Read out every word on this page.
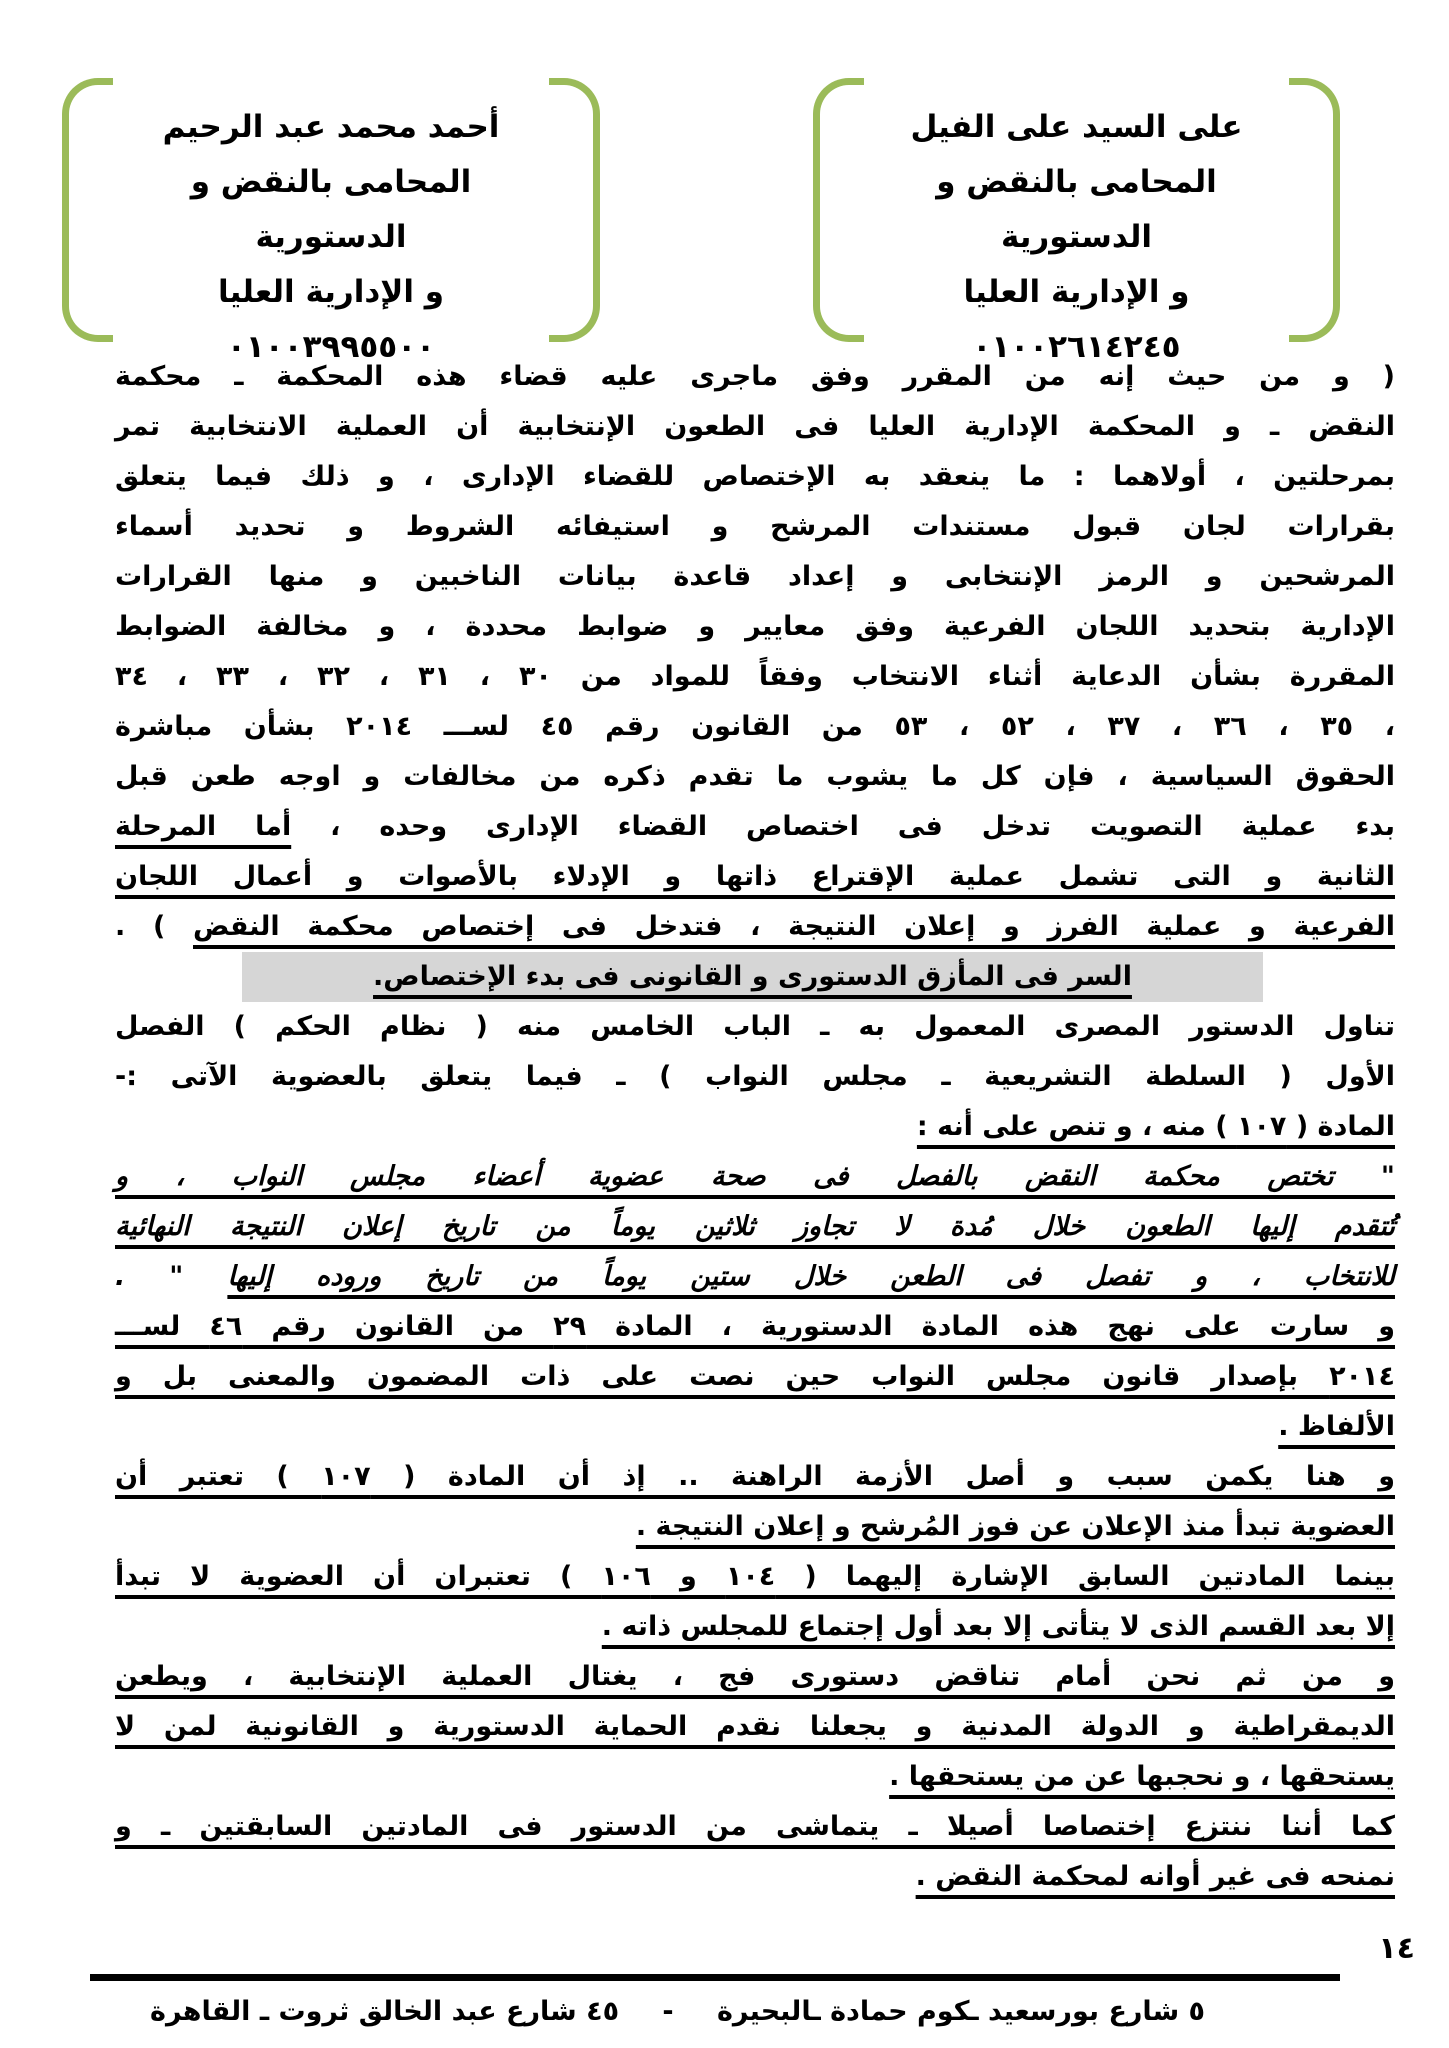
على السيد على الفيل
المحامى بالنقض و الدستورية
و الإدارية العليا
٠١٠٠٢٦١٤٢٤٥
أحمد محمد عبد الرحيم
المحامى بالنقض و الدستورية
و الإدارية العليا
٠١٠٠٣٩٩٥٥٠٠
( و من حيث إنه من المقرر وفق ماجرى عليه قضاء هذه المحكمة ـ محكمة
النقض ـ و المحكمة الإدارية العليا فى الطعون الإنتخابية أن العملية الانتخابية تمر
بمرحلتين ، أولاهما : ما ينعقد به الإختصاص للقضاء الإدارى ، و ذلك فيما يتعلق
بقرارات لجان قبول مستندات المرشح و استيفائه الشروط و تحديد أسماء
المرشحين و الرمز الإنتخابى و إعداد قاعدة بيانات الناخبين و منها القرارات
الإدارية بتحديد اللجان الفرعية وفق معايير و ضوابط محددة ، و مخالفة الضوابط
المقررة بشأن الدعاية أثناء الانتخاب وفقاً للمواد من ٣٠ ، ٣١ ، ٣٢ ، ٣٣ ، ٣٤
، ٣٥ ، ٣٦ ، ٣٧ ، ٥٢ ، ٥٣ من القانون رقم ٤٥ لســـ ٢٠١٤ بشأن مباشرة
الحقوق السياسية ، فإن كل ما يشوب ما تقدم ذكره من مخالفات و اوجه طعن قبل
بدء عملية التصويت تدخل فى اختصاص القضاء الإدارى وحده ، أما المرحلة
الثانية و التى تشمل عملية الإقتراع ذاتها و الإدلاء بالأصوات و أعمال اللجان
الفرعية و عملية الفرز و إعلان النتيجة ، فتدخل فى إختصاص محكمة النقض ) .
السر فى المأزق الدستورى و القانونى فى بدء الإختصاص.
تناول الدستور المصرى المعمول به ـ الباب الخامس منه ( نظام الحكم ) الفصل
الأول ( السلطة التشريعية ـ مجلس النواب ) ـ فيما يتعلق بالعضوية الآتى :-
المادة ( ١٠٧ ) منه ، و تنص على أنه :
" تختص محكمة النقض بالفصل فى صحة عضوية أعضاء مجلس النواب ، و
تُتقدم إليها الطعون خلال مُدة لا تجاوز ثلاثين يوماً من تاريخ إعلان النتيجة النهائية
للانتخاب ، و تفصل فى الطعن خلال ستين يوماً من تاريخ وروده إليها " .
و سارت على نهج هذه المادة الدستورية ، المادة ٢٩ من القانون رقم ٤٦ لســـ
٢٠١٤ بإصدار قانون مجلس النواب حين نصت على ذات المضمون والمعنى بل و
الألفاظ .
و هنا يكمن سبب و أصل الأزمة الراهنة .. إذ أن المادة ( ١٠٧ ) تعتبر أن
العضوية تبدأ منذ الإعلان عن فوز المُرشح و إعلان النتيجة .
بينما المادتين السابق الإشارة إليهما ( ١٠٤ و ١٠٦ ) تعتبران أن العضوية لا تبدأ
إلا بعد القسم الذى لا يتأتى إلا بعد أول إجتماع للمجلس ذاته .
و من ثم نحن أمام تناقض دستورى فج ، يغتال العملية الإنتخابية ، ويطعن
الديمقراطية و الدولة المدنية و يجعلنا نقدم الحماية الدستورية و القانونية لمن لا
يستحقها ، و نحجبها عن من يستحقها .
كما أننا ننتزع إختصاصا أصيلا ـ يتماشى من الدستور فى المادتين السابقتين ـ و
نمنحه فى غير أوانه لمحكمة النقض .
١٤
٥ شارع بورسعيد ـكوم حمادة ـالبحيرة
-
٤٥ شارع عبد الخالق ثروت ـ القاهرة
